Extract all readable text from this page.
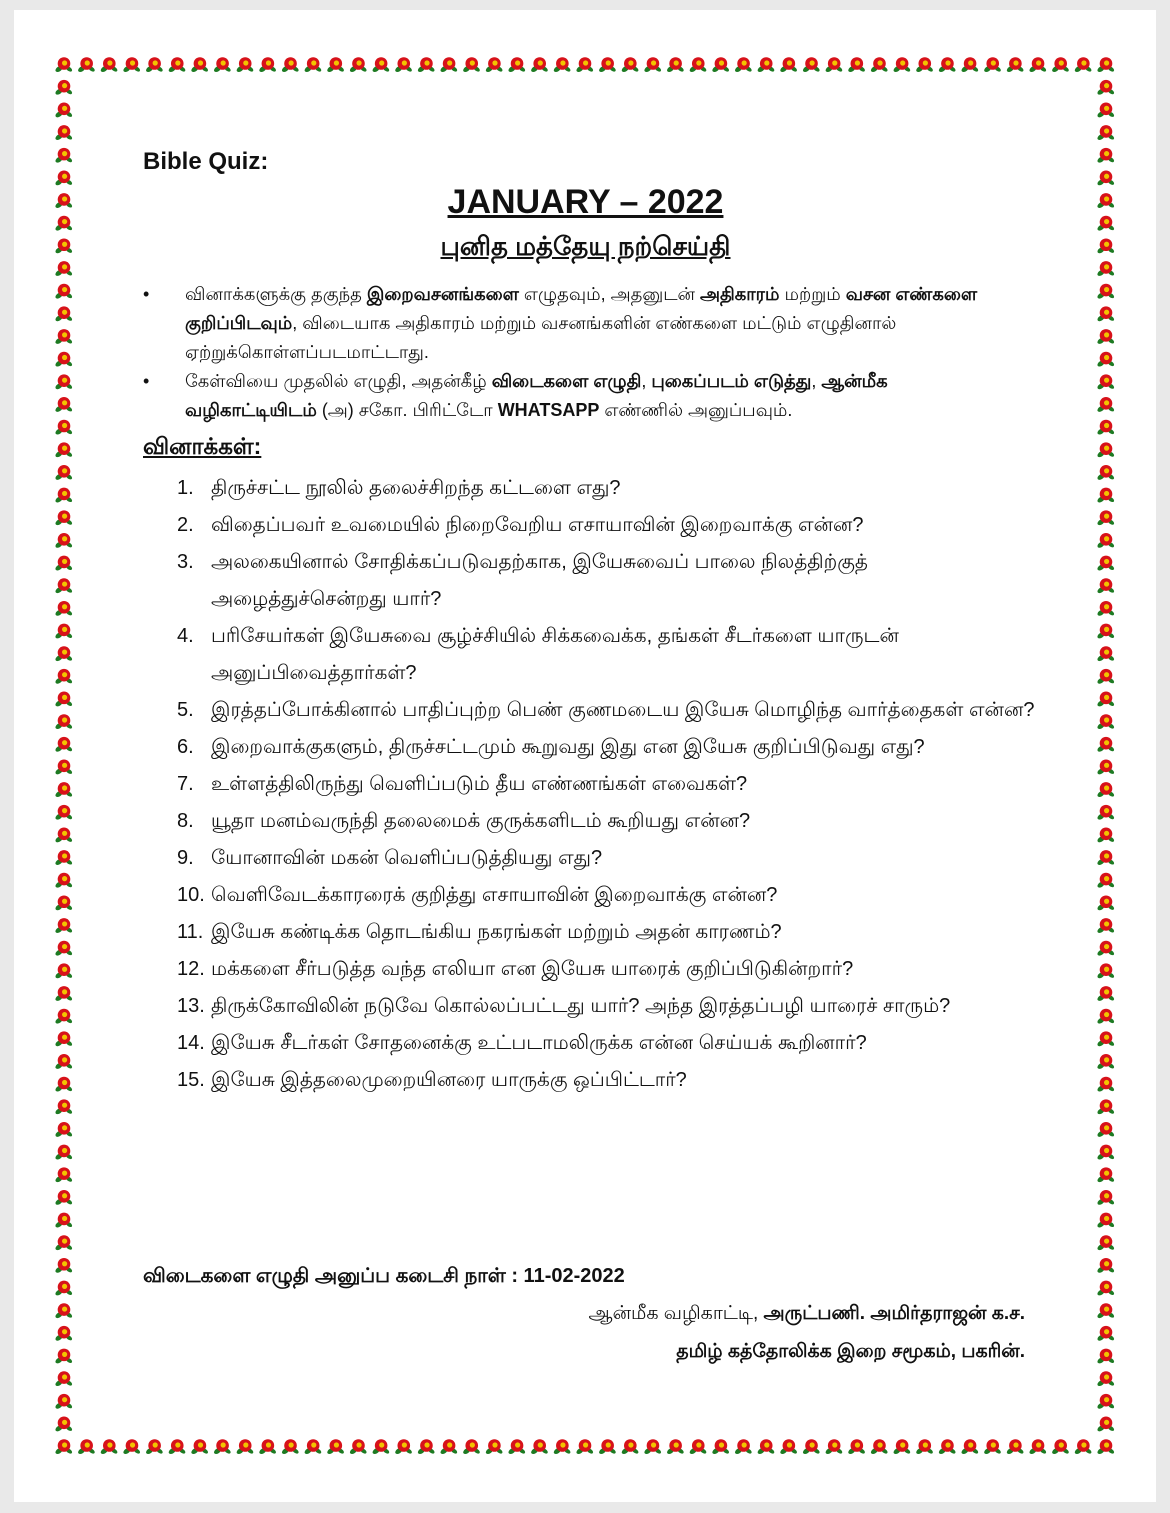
Bible Quiz:

JANUARY – 2022
புனித மத்தேயு நற்செய்தி
• வினாக்களுக்கு தகுந்த இறைவசனங்களை எழுதவும், அதனுடன் அதிகாரம் மற்றும் வசன எண்களை குறிப்பிடவும், விடையாக அதிகாரம் மற்றும் வசனங்களின் எண்களை மட்டும் எழுதினால் ஏற்றுக்கொள்ளப்படமாட்டாது.
• கேள்வியை முதலில் எழுதி, அதன்கீழ் விடைகளை எழுதி, புகைப்படம் எடுத்து, ஆன்மீக வழிகாட்டியிடம் (அ) சகோ. பிரிட்டோ WHATSAPP எண்ணில் அனுப்பவும்.
வினாக்கள்:
1. திருச்சட்ட நூலில் தலைச்சிறந்த கட்டளை எது?
2. விதைப்பவர் உவமையில் நிறைவேறிய எசாயாவின் இறைவாக்கு என்ன?
3. அலகையினால் சோதிக்கப்படுவதற்காக, இயேசுவைப் பாலை நிலத்திற்குத் அழைத்துச்சென்றது யார்?
4. பரிசேயர்கள் இயேசுவை சூழ்ச்சியில் சிக்கவைக்க, தங்கள் சீடர்களை யாருடன் அனுப்பிவைத்தார்கள்?
5. இரத்தப்போக்கினால் பாதிப்புற்ற பெண் குணமடைய இயேசு மொழிந்த வார்த்தைகள் என்ன?
6. இறைவாக்குகளும், திருச்சட்டமும் கூறுவது இது என இயேசு குறிப்பிடுவது எது?
7. உள்ளத்திலிருந்து வெளிப்படும் தீய எண்ணங்கள் எவைகள்?
8. யூதா மனம்வருந்தி தலைமைக் குருக்களிடம் கூறியது என்ன?
9. யோனாவின் மகன் வெளிப்படுத்தியது எது?
10. வெளிவேடக்காரரைக் குறித்து எசாயாவின் இறைவாக்கு என்ன?
11. இயேசு கண்டிக்க தொடங்கிய நகரங்கள் மற்றும் அதன் காரணம்?
12. மக்களை சீர்படுத்த வந்த எலியா என இயேசு யாரைக் குறிப்பிடுகின்றார்?
13. திருக்கோவிலின் நடுவே கொல்லப்பட்டது யார்? அந்த இரத்தப்பழி யாரைச் சாரும்?
14. இயேசு சீடர்கள் சோதனைக்கு உட்படாமலிருக்க என்ன செய்யக் கூறினார்?
15. இயேசு இத்தலைமுறையினரை யாருக்கு ஒப்பிட்டார்?
விடைகளை எழுதி அனுப்ப கடைசி நாள் : 11-02-2022
ஆன்மீக வழிகாட்டி, அருட்பணி. அமிர்தராஜன் க.ச.
தமிழ் கத்தோலிக்க இறை சமூகம், பகரின்.
